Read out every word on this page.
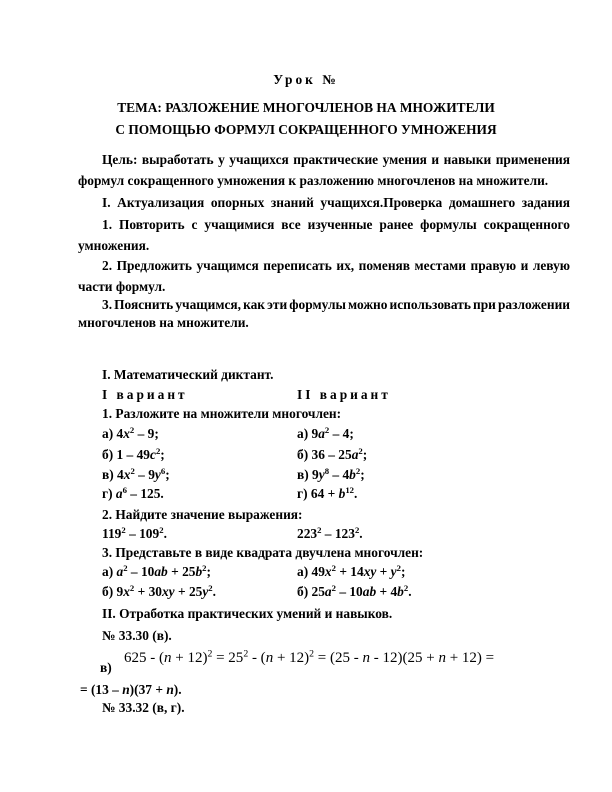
Урок №
ТЕМА: РАЗЛОЖЕНИЕ МНОГОЧЛЕНОВ НА МНОЖИТЕЛИ
С ПОМОЩЬЮ ФОРМУЛ СОКРАЩЕННОГО УМНОЖЕНИЯ
Цель: выработать у учащихся практические умения и навыки применения
формул сокращенного умножения к разложению многочленов на множители.
I. Актуализация опорных знаний учащихся.Проверка домашнего задания
1. Повторить с учащимися все изученные ранее формулы сокращенного
умножения.
2. Предложить учащимся переписать их, поменяв местами правую и левую
части формул.
3. Пояснить учащимся, как эти формулы можно использовать при разложении
многочленов на множители.
I. Математический диктант.
I вариант	II вариант
1. Разложите на множители многочлен:
а) $4x^2 - 9$;	а) $9a^2 - 4$;
б) $1 - 49c^2$;	б) $36 - 25a^2$;
в) $4x^2 - 9y^6$;	в) $9y^8 - 4b^2$;
г) $a^6 - 125$.	г) $64 + b^{12}$.
2. Найдите значение выражения:
$119^2 - 109^2$.	$223^2 - 123^2$.
3. Представьте в виде квадрата двучлена многочлен:
а) $a^2 - 10ab + 25b^2$;	а) $49x^2 + 14xy + y^2$;
б) $9x^2 + 30xy + 25y^2$.	б) $25a^2 - 10ab + 4b^2$.
II. Отработка практических умений и навыков.
№ 33.30 (в).
в)
$625 - (n + 12)^2 = 25^2 - (n + 12)^2 = (25 - n - 12)(25 + n + 12)$ =
= (13 – n)(37 + n).
№ 33.32 (в, г).
